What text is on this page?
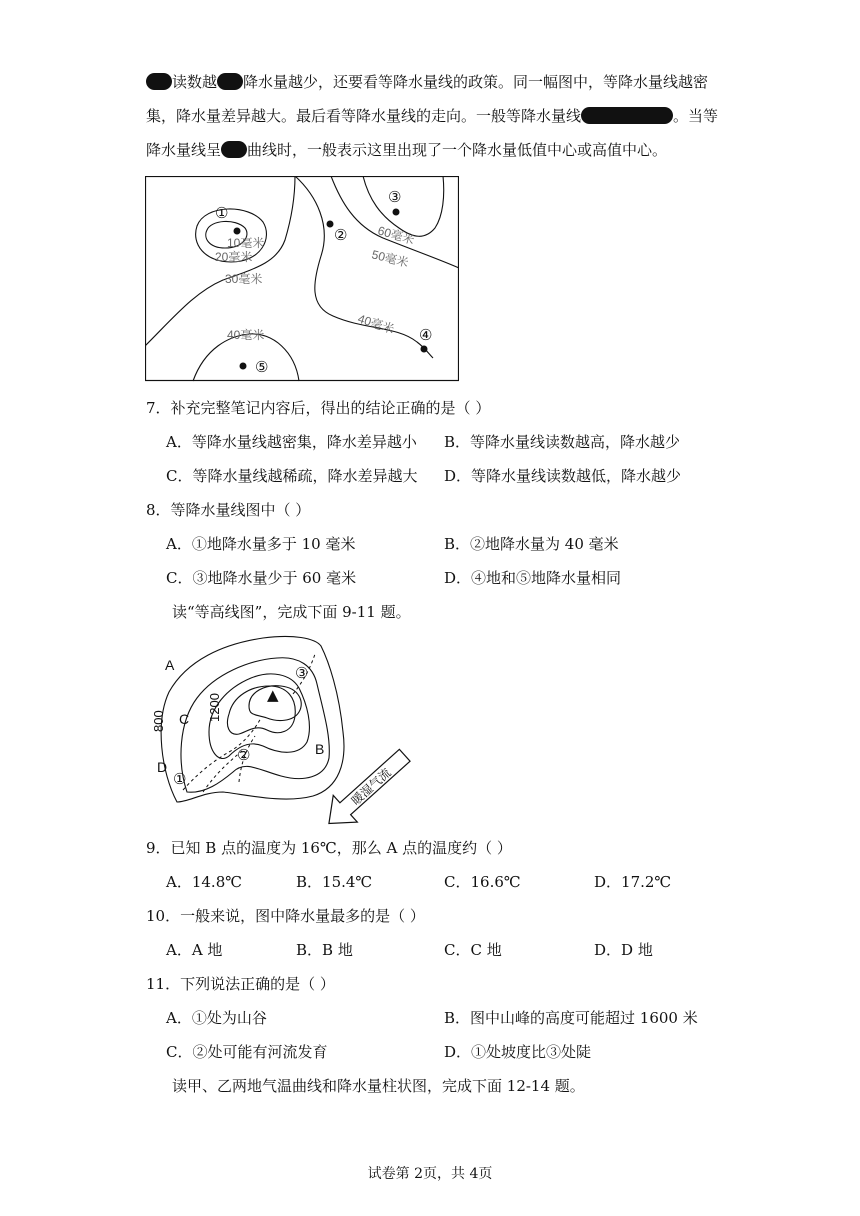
读数越 降水量越少，还要看等降水量线的政策。同一幅图中，等降水量线越密
集，降水量差异越大。最后看等降水量线的走向。一般等降水量线	。当等
降水量线呈 曲线时，一般表示这里出现了一个降水量低值中心或高值中心。
10毫米
20毫米
30毫米
40毫米	40毫米
50毫米
60毫米
①
②
③
④
⑤
7．补充完整笔记内容后，得出的结论正确的是（ ）
A．等降水量线越密集，降水差异越小 B．等降水量线读数越高，降水越少
C．等降水量线越稀疏，降水差异越大 D．等降水量线读数越低，降水越少
8．等降水量线图中（ ）
A．①地降水量多于 10 毫米	B．②地降水量为 40 毫米
C．③地降水量少于 60 毫米	D．④地和⑤地降水量相同
读“等高线图”，完成下面 9-11 题。
▲
A
B
C
D
800	1200
①
②
③
暖湿气流
9．已知 B 点的温度为 16℃，那么 A 点的温度约（ ）
A．14.8℃	B．15.4℃	C．16.6℃	D．17.2℃
10．一般来说，图中降水量最多的是（ ）
A．A 地	B．B 地	C．C 地	D．D 地
11．下列说法正确的是（ ）
A．①处为山谷	B．图中山峰的高度可能超过 1600 米
C．②处可能有河流发育	D．①处坡度比③处陡
读甲、乙两地气温曲线和降水量柱状图，完成下面 12-14 题。
试卷第 2页，共 4页
